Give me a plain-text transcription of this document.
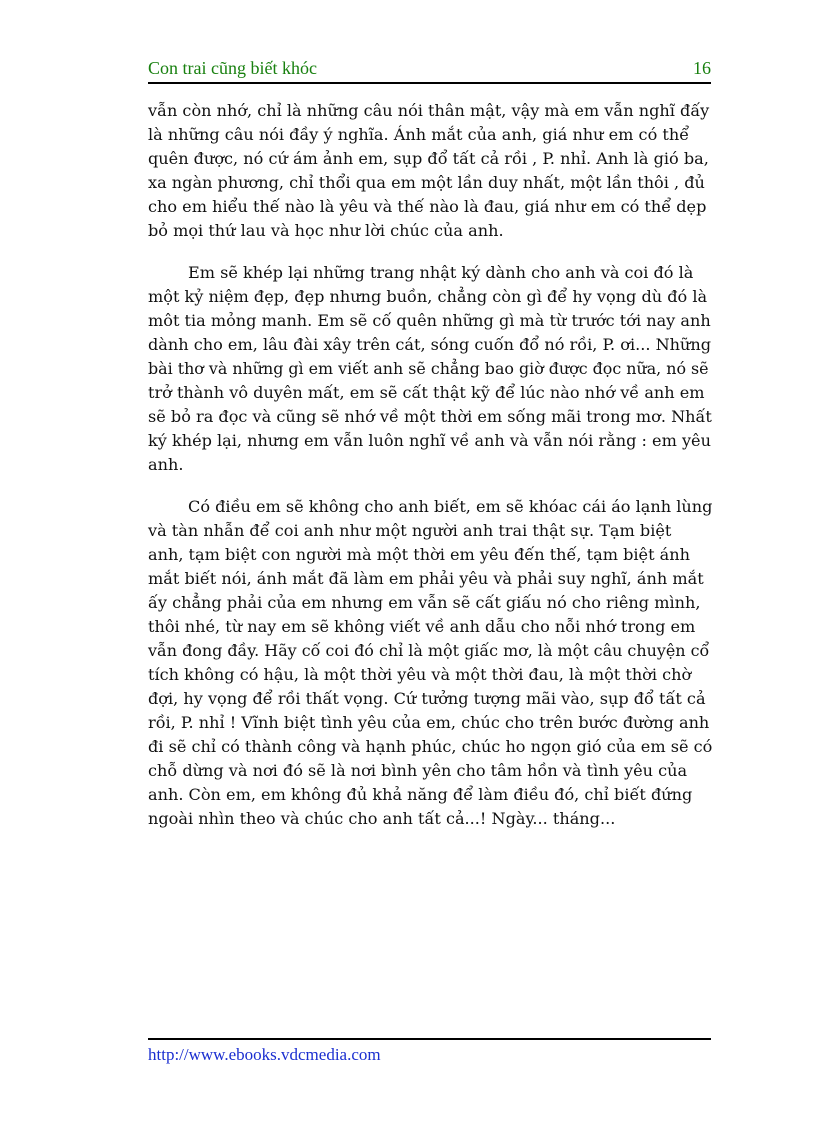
Con trai cũng biết khóc	16

vẫn còn nhớ, chỉ là những câu nói thân mật, vậy mà em vẫn nghĩ đấy
là những câu nói đầy ý nghĩa. Ánh mắt của anh, giá như em có thể
quên được, nó cứ ám ảnh em, sụp đổ tất cả rồi , P. nhỉ. Anh là gió ba,
xa ngàn phương, chỉ thổi qua em một lần duy nhất, một lần thôi , đủ
cho em hiểu thế nào là yêu và thế nào là đau, giá như em có thể dẹp
bỏ mọi thứ lau và học như lời chúc của anh.

Em sẽ khép lại những trang nhật ký dành cho anh và coi đó là
một kỷ niệm đẹp, đẹp nhưng buồn, chẳng còn gì để hy vọng dù đó là
môt tia mỏng manh. Em sẽ cố quên những gì mà từ trước tới nay anh
dành cho em, lâu đài xây trên cát, sóng cuốn đổ nó rồi, P. ơi... Những
bài thơ và những gì em viết anh sẽ chẳng bao giờ được đọc nữa, nó sẽ
trở thành vô duyên mất, em sẽ cất thật kỹ để lúc nào nhớ về anh em
sẽ bỏ ra đọc và cũng sẽ nhớ về một thời em sống mãi trong mơ. Nhất
ký khép lại, nhưng em vẫn luôn nghĩ về anh và vẫn nói rằng : em yêu
anh.

Có điều em sẽ không cho anh biết, em sẽ khóac cái áo lạnh lùng
và tàn nhẫn để coi anh như một người anh trai thật sự. Tạm biệt
anh, tạm biệt con người mà một thời em yêu đến thế, tạm biệt ánh
mắt biết nói, ánh mắt đã làm em phải yêu và phải suy nghĩ, ánh mắt
ấy chẳng phải của em nhưng em vẫn sẽ cất giấu nó cho riêng mình,
thôi nhé, từ nay em sẽ không viết về anh dẫu cho nỗi nhớ trong em
vẫn đong đầy. Hãy cố coi đó chỉ là một giấc mơ, là một câu chuyện cổ
tích không có hậu, là một thời yêu và một thời đau, là một thời chờ
đợi, hy vọng để rồi thất vọng. Cứ tưởng tượng mãi vào, sụp đổ tất cả
rồi, P. nhỉ ! Vĩnh biệt tình yêu của em, chúc cho trên bước đường anh
đi sẽ chỉ có thành công và hạnh phúc, chúc ho ngọn gió của em sẽ có
chỗ dừng và nơi đó sẽ là nơi bình yên cho tâm hồn và tình yêu của
anh. Còn em, em không đủ khả năng để làm điều đó, chỉ biết đứng
ngoài nhìn theo và chúc cho anh tất cả...! Ngày... tháng...

http://www.ebooks.vdcmedia.com
